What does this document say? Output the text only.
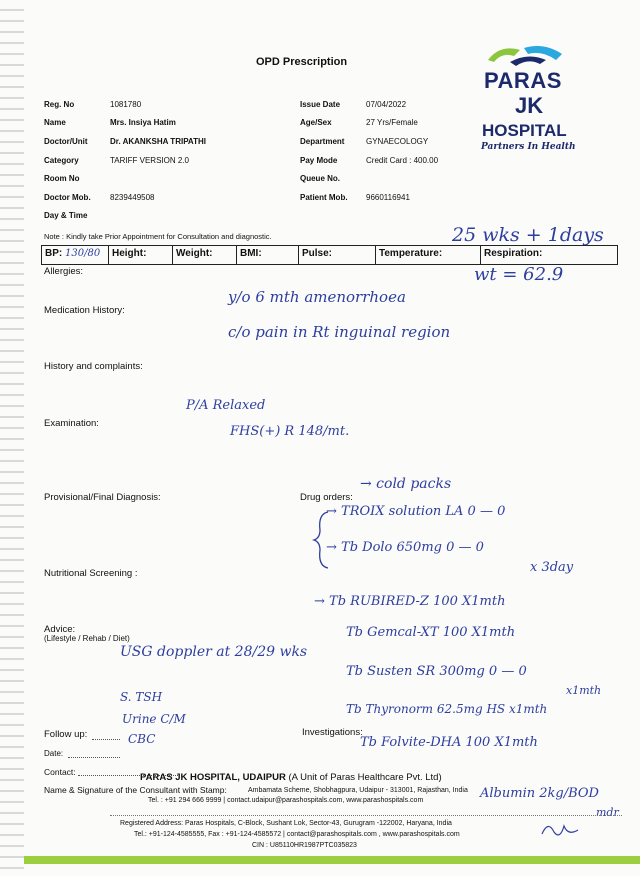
OPD Prescription
PARAS
JK
HOSPITAL
Partners In Health
Reg. No	1081780
Name	Mrs. Insiya Hatim
Doctor/Unit	Dr. AKANKSHA TRIPATHI
Category	TARIFF VERSION 2.0
Room No
Doctor Mob. 8239449508
Day & Time
Issue Date	07/04/2022
Age/Sex	27 Yrs/Female
Department	GYNAECOLOGY
Pay Mode	Credit Card : 400.00
Queue No.
Patient Mob. 9660116941
Note : Kindly take Prior Appointment for Consultation and diagnostic.	25 wks + 1days
BP: 130/80	Height:	Weight:	BMI:	Pulse:	Temperature:	Respiration:
wt = 62.9
Allergies:
Medication History:
History and complaints:
Examination:
Provisional/Final Diagnosis:	Drug orders:
Nutritional Screening :
Advice:
(Lifestyle / Rehab / Diet)
Investigations:
Follow up:
Date:
Contact:
Name & Signature of the Consultant with Stamp:
y/o 6 mth amenorrhoea
c/o pain in Rt inguinal region
P/A Relaxed
FHS(+) R 148/mt.
→ cold packs
→ TROIX solution LA 0 — 0
→ Tb Dolo 650mg 0 — 0
x 3day
→ Tb RUBIRED-Z 100 X1mth
Tb Gemcal-XT 100 X1mth
Tb Susten SR 300mg 0 — 0
x1mth
Tb Thyronorm 62.5mg HS x1mth
Tb Folvite-DHA 100 X1mth
USG doppler at 28/29 wks
S. TSH
Urine C/M
CBC
Albumin 2kg/BOD
mdr
PARAS JK HOSPITAL, UDAIPUR (A Unit of Paras Healthcare Pvt. Ltd)
Ambamata Scheme, Shobhagpura, Udaipur - 313001, Rajasthan, India
Tel. : +91 294 666 9999 | contact.udaipur@parashospitals.com, www.parashospitals.com
Registered Address: Paras Hospitals, C-Block, Sushant Lok, Sector-43, Gurugram -122002, Haryana, India
Tel.: +91-124-4585555, Fax : +91-124-4585572 | contact@parashospitals.com , www.parashospitals.com
CIN : U85110HR1987PTC035823
